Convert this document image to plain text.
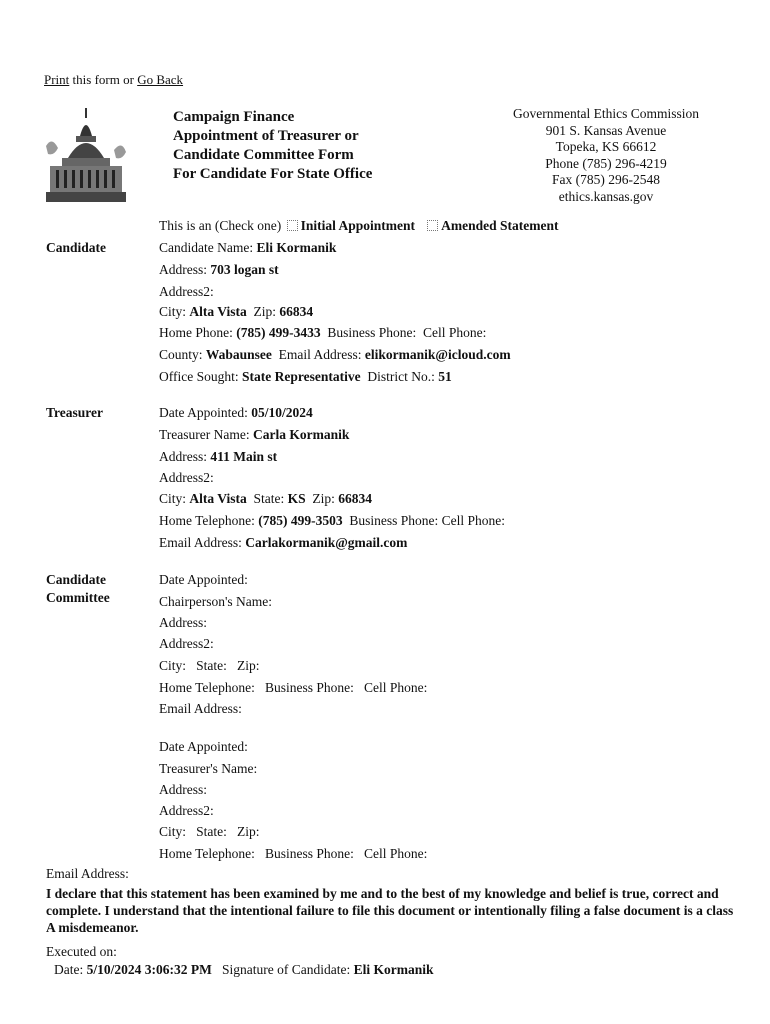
Print this form or Go Back
Campaign Finance
Appointment of Treasurer or
Candidate Committee Form
For Candidate For State Office
Governmental Ethics Commission
901 S. Kansas Avenue
Topeka, KS 66612
Phone (785) 296-4219
Fax (785) 296-2548
ethics.kansas.gov
This is an (Check one) Initial Appointment Amended Statement
Candidate	Candidate Name: Eli Kormanik
Address: 703 logan st
Address2:
City: Alta Vista Zip: 66834
Home Phone: (785) 499-3433 Business Phone: Cell Phone:
County: Wabaunsee Email Address: elikormanik@icloud.com
Office Sought: State Representative District No.: 51
Treasurer	Date Appointed: 05/10/2024
Treasurer Name: Carla Kormanik
Address: 411 Main st
Address2:
City: Alta Vista State: KS Zip: 66834
Home Telephone: (785) 499-3503 Business Phone: Cell Phone:
Email Address: Carlakormanik@gmail.com
Candidate
Committee
Date Appointed:
Chairperson's Name:
Address:
Address2:
City:   State:   Zip:
Home Telephone:   Business Phone:   Cell Phone:
Email Address:
Date Appointed:
Treasurer's Name:
Address:
Address2:
City:   State:   Zip:
Home Telephone:   Business Phone:   Cell Phone:
Email Address:
I declare that this statement has been examined by me and to the best of my knowledge and belief is true, correct and complete. I understand that the intentional failure to file this document or intentionally filing a false document is a class A misdemeanor.
Executed on:
Date: 5/10/2024 3:06:32 PM Signature of Candidate: Eli Kormanik
